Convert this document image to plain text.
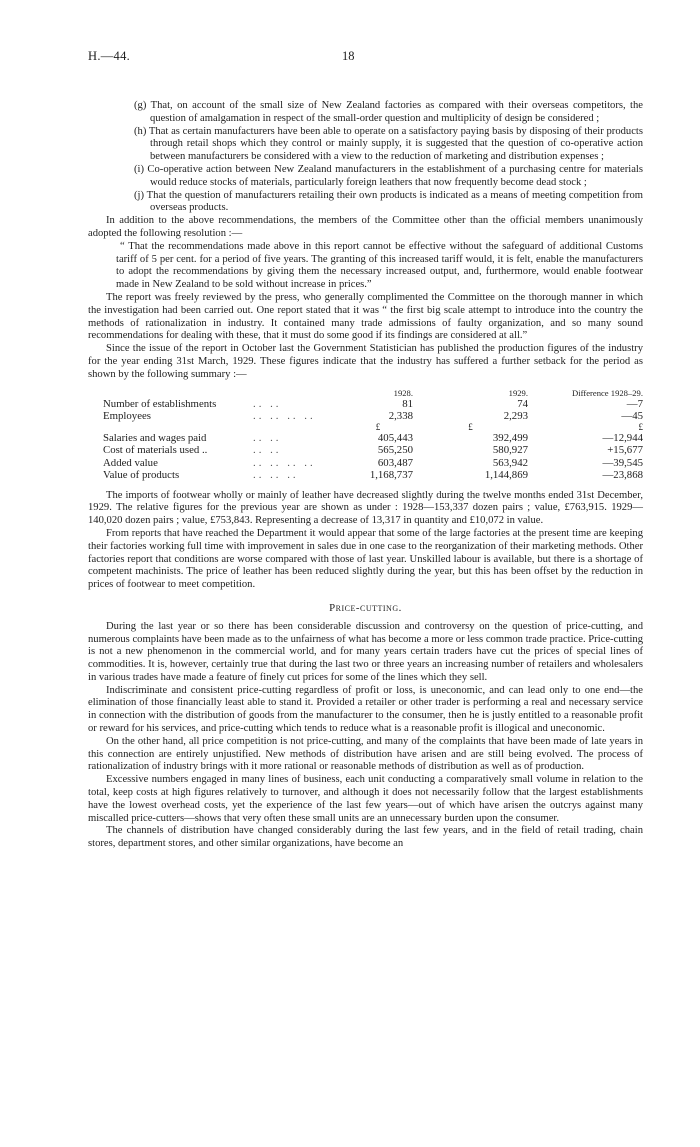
H.—44.	18
(g) That, on account of the small size of New Zealand factories as compared with their overseas competitors, the question of amalgamation in respect of the small-order question and multiplicity of design be considered ;
(h) That as certain manufacturers have been able to operate on a satisfactory paying basis by disposing of their products through retail shops which they control or mainly supply, it is suggested that the question of co-operative action between manufacturers be considered with a view to the reduction of marketing and distribution expenses ;
(i) Co-operative action between New Zealand manufacturers in the establishment of a purchasing centre for materials would reduce stocks of materials, particularly foreign leathers that now frequently become dead stock ;
(j) That the question of manufacturers retailing their own products is indicated as a means of meeting competition from overseas products.

In addition to the above recommendations, the members of the Committee other than the official members unanimously adopted the following resolution :—

“ That the recommendations made above in this report cannot be effective without the safeguard of additional Customs tariff of 5 per cent. for a period of five years. The granting of this increased tariff would, it is felt, enable the manufacturers to adopt the recommendations by giving them the necessary increased output, and, furthermore, would enable footwear made in New Zealand to be sold without increase in prices.”

The report was freely reviewed by the press, who generally complimented the Committee on the thorough manner in which the investigation had been carried out. One report stated that it was “ the first big scale attempt to introduce into the country the methods of rationalization in industry. It contained many trade admissions of faulty organization, and so many sound recommendations for dealing with these, that it must do some good if its findings are considered at all.”

Since the issue of the report in October last the Government Statistician has published the production figures of the industry for the year ending 31st March, 1929. These figures indicate that the industry has suffered a further setback for the period as shown by the following summary :—

		1928.	1929.	Difference 1928–29.
Number of establishments	.. ..	81	74	—7
Employees	.. .. .. ..	2,338	2,293	—45
		£	£	£
Salaries and wages paid	.. ..	405,443	392,499	—12,944
Cost of materials used ..	.. ..	565,250	580,927	+15,677
Added value	.. .. .. ..	603,487	563,942	—39,545
Value of products	.. .. ..	1,168,737	1,144,869	—23,868

The imports of footwear wholly or mainly of leather have decreased slightly during the twelve months ended 31st December, 1929. The relative figures for the previous year are shown as under : 1928—153,337 dozen pairs ; value, £763,915. 1929—140,020 dozen pairs ; value, £753,843. Representing a decrease of 13,317 in quantity and £10,072 in value.

From reports that have reached the Department it would appear that some of the large factories at the present time are keeping their factories working full time with improvement in sales due in one case to the reorganization of their marketing methods. Other factories report that conditions are worse compared with those of last year. Unskilled labour is available, but there is a shortage of competent machinists. The price of leather has been reduced slightly during the year, but this has been offset by the reduction in prices of footwear to meet competition.

Price-cutting.

During the last year or so there has been considerable discussion and controversy on the question of price-cutting, and numerous complaints have been made as to the unfairness of what has become a more or less common trade practice. Price-cutting is not a new phenomenon in the commercial world, and for many years certain traders have cut the prices of special lines of commodities. It is, however, certainly true that during the last two or three years an increasing number of retailers and wholesalers in various trades have made a feature of finely cut prices for some of the lines which they sell.

Indiscriminate and consistent price-cutting regardless of profit or loss, is uneconomic, and can lead only to one end—the elimination of those financially least able to stand it. Provided a retailer or other trader is performing a real and necessary service in connection with the distribution of goods from the manufacturer to the consumer, then he is justly entitled to a reasonable profit or reward for his services, and price-cutting which tends to reduce what is a reasonable profit is illogical and uneconomic.

On the other hand, all price competition is not price-cutting, and many of the complaints that have been made of late years in this connection are entirely unjustified. New methods of distribution have arisen and are still being evolved. The process of rationalization of industry brings with it more rational or reasonable methods of distribution as well as of production.

Excessive numbers engaged in many lines of business, each unit conducting a comparatively small volume in relation to the total, keep costs at high figures relatively to turnover, and although it does not necessarily follow that the largest establishments have the lowest overhead costs, yet the experience of the last few years—out of which have arisen the outcrys against many miscalled price-cutters—shows that very often these small units are an unnecessary burden upon the consumer.

The channels of distribution have changed considerably during the last few years, and in the field of retail trading, chain stores, department stores, and other similar organizations, have become an
